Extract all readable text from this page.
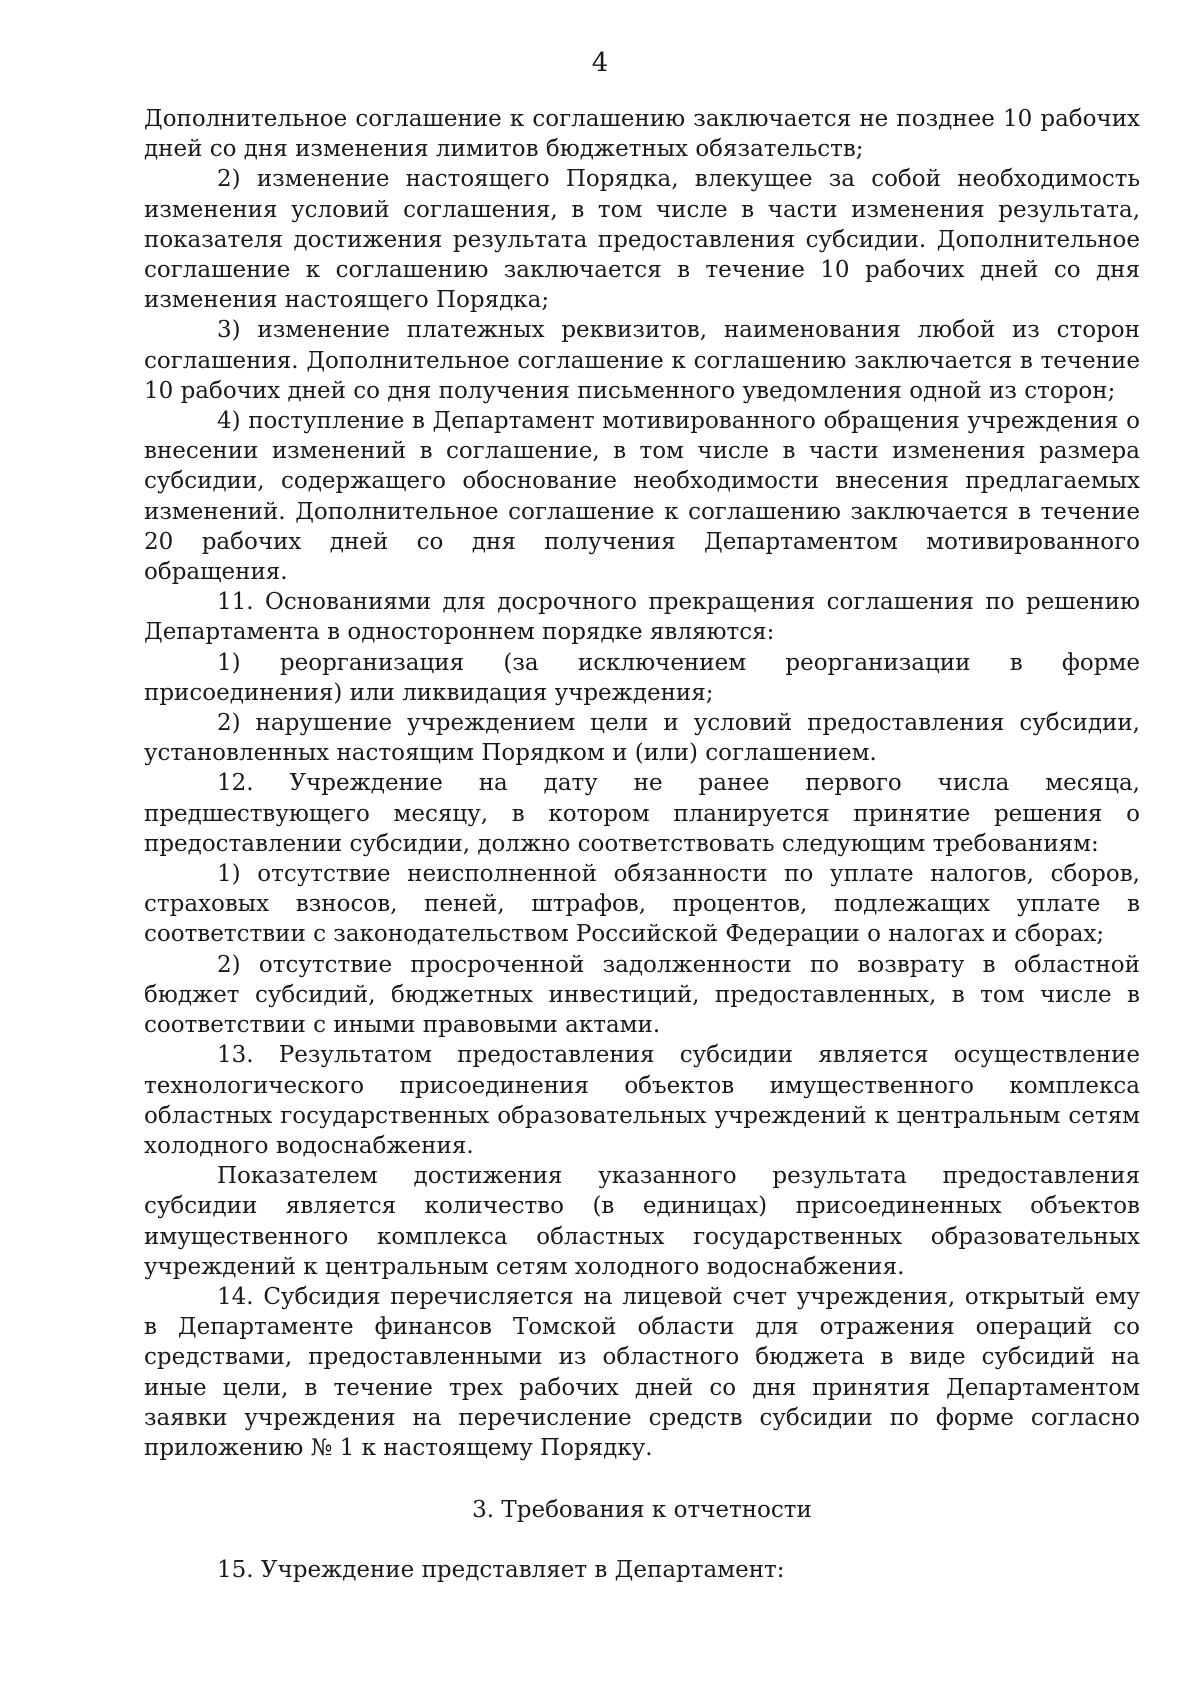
4

Дополнительное соглашение к соглашению заключается не позднее 10 рабочих дней со дня изменения лимитов бюджетных обязательств;

2) изменение настоящего Порядка, влекущее за собой необходимость изменения условий соглашения, в том числе в части изменения результата, показателя достижения результата предоставления субсидии. Дополнительное соглашение к соглашению заключается в течение 10 рабочих дней со дня изменения настоящего Порядка;

3) изменение платежных реквизитов, наименования любой из сторон соглашения. Дополнительное соглашение к соглашению заключается в течение 10 рабочих дней со дня получения письменного уведомления одной из сторон;

4) поступление в Департамент мотивированного обращения учреждения о внесении изменений в соглашение, в том числе в части изменения размера субсидии, содержащего обоснование необходимости внесения предлагаемых изменений. Дополнительное соглашение к соглашению заключается в течение 20 рабочих дней со дня получения Департаментом мотивированного обращения.

11. Основаниями для досрочного прекращения соглашения по решению Департамента в одностороннем порядке являются:

1) реорганизация (за исключением реорганизации в форме присоединения) или ликвидация учреждения;

2) нарушение учреждением цели и условий предоставления субсидии, установленных настоящим Порядком и (или) соглашением.

12. Учреждение на дату не ранее первого числа месяца, предшествующего месяцу, в котором планируется принятие решения о предоставлении субсидии, должно соответствовать следующим требованиям:

1) отсутствие неисполненной обязанности по уплате налогов, сборов, страховых взносов, пеней, штрафов, процентов, подлежащих уплате в соответствии с законодательством Российской Федерации о налогах и сборах;

2) отсутствие просроченной задолженности по возврату в областной бюджет субсидий, бюджетных инвестиций, предоставленных, в том числе в соответствии с иными правовыми актами.

13. Результатом предоставления субсидии является осуществление технологического присоединения объектов имущественного комплекса областных государственных образовательных учреждений к центральным сетям холодного водоснабжения.

Показателем достижения указанного результата предоставления субсидии является количество (в единицах) присоединенных объектов имущественного комплекса областных государственных образовательных учреждений к центральным сетям холодного водоснабжения.

14. Субсидия перечисляется на лицевой счет учреждения, открытый ему в Департаменте финансов Томской области для отражения операций со средствами, предоставленными из областного бюджета в виде субсидий на иные цели, в течение трех рабочих дней со дня принятия Департаментом заявки учреждения на перечисление средств субсидии по форме согласно приложению № 1 к настоящему Порядку.

3. Требования к отчетности

15. Учреждение представляет в Департамент:
